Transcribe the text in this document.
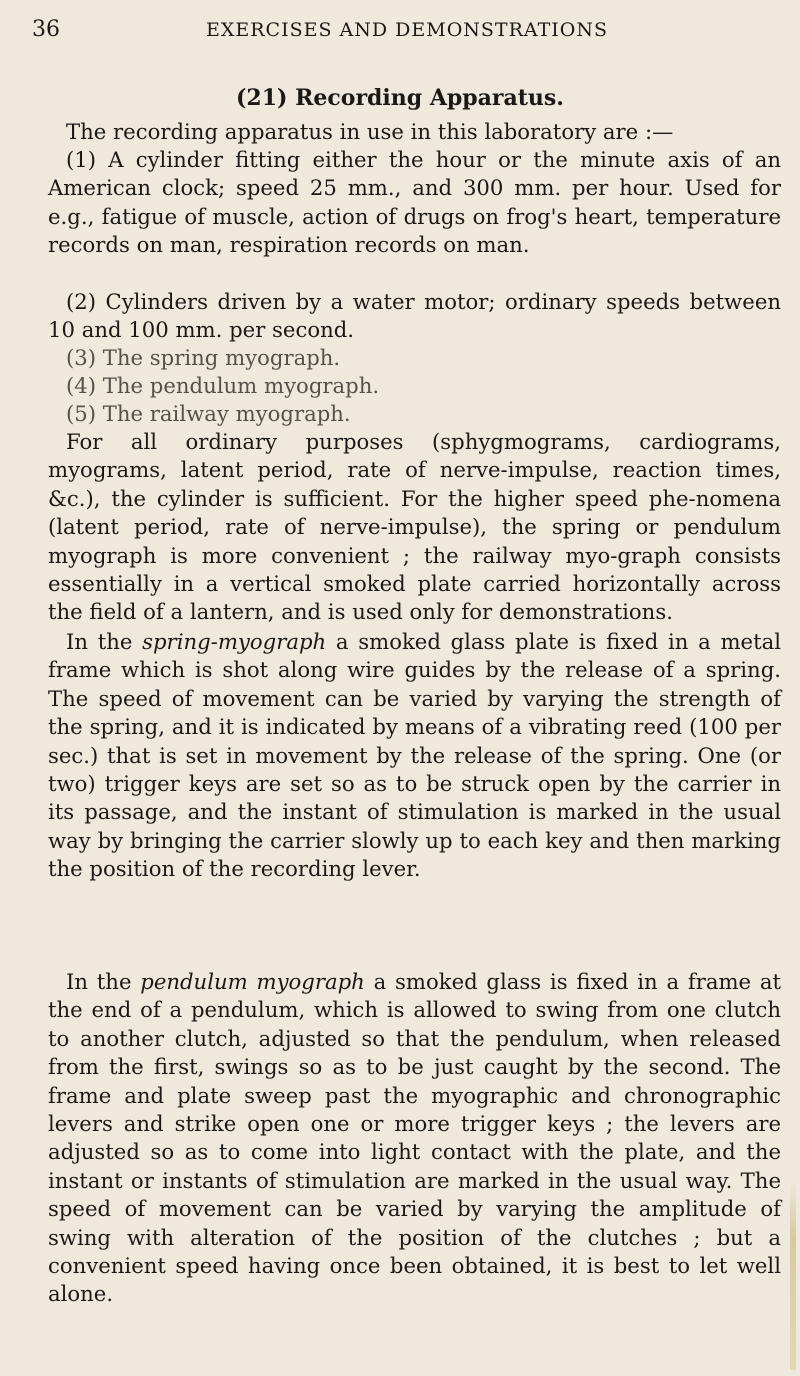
36	EXERCISES AND DEMONSTRATIONS
(21) Recording Apparatus.

The recording apparatus in use in this laboratory are :—

(1) A cylinder fitting either the hour or the minute axis of an American clock; speed 25 mm., and 300 mm. per hour. Used for e.g., fatigue of muscle, action of drugs on frog's heart, temperature records on man, respiration records on man.

(2) Cylinders driven by a water motor; ordinary speeds between 10 and 100 mm. per second.

(3) The spring myograph.

(4) The pendulum myograph.

(5) The railway myograph.

For all ordinary purposes (sphygmograms, cardiograms, myograms, latent period, rate of nerve-impulse, reaction times, &c.), the cylinder is sufficient. For the higher speed phe-nomena (latent period, rate of nerve-impulse), the spring or pendulum myograph is more convenient ; the railway myo-graph consists essentially in a vertical smoked plate carried horizontally across the field of a lantern, and is used only for demonstrations.

In the spring-myograph a smoked glass plate is fixed in a metal frame which is shot along wire guides by the release of a spring. The speed of movement can be varied by varying the strength of the spring, and it is indicated by means of a vibrating reed (100 per sec.) that is set in movement by the release of the spring. One (or two) trigger keys are set so as to be struck open by the carrier in its passage, and the instant of stimulation is marked in the usual way by bringing the carrier slowly up to each key and then marking the position of the recording lever.

In the pendulum myograph a smoked glass is fixed in a frame at the end of a pendulum, which is allowed to swing from one clutch to another clutch, adjusted so that the pendulum, when released from the first, swings so as to be just caught by the second. The frame and plate sweep past the myographic and chronographic levers and strike open one or more trigger keys ; the levers are adjusted so as to come into light contact with the plate, and the instant or instants of stimulation are marked in the usual way. The speed of movement can be varied by varying the amplitude of swing with alteration of the position of the clutches ; but a convenient speed having once been obtained, it is best to let well alone.
